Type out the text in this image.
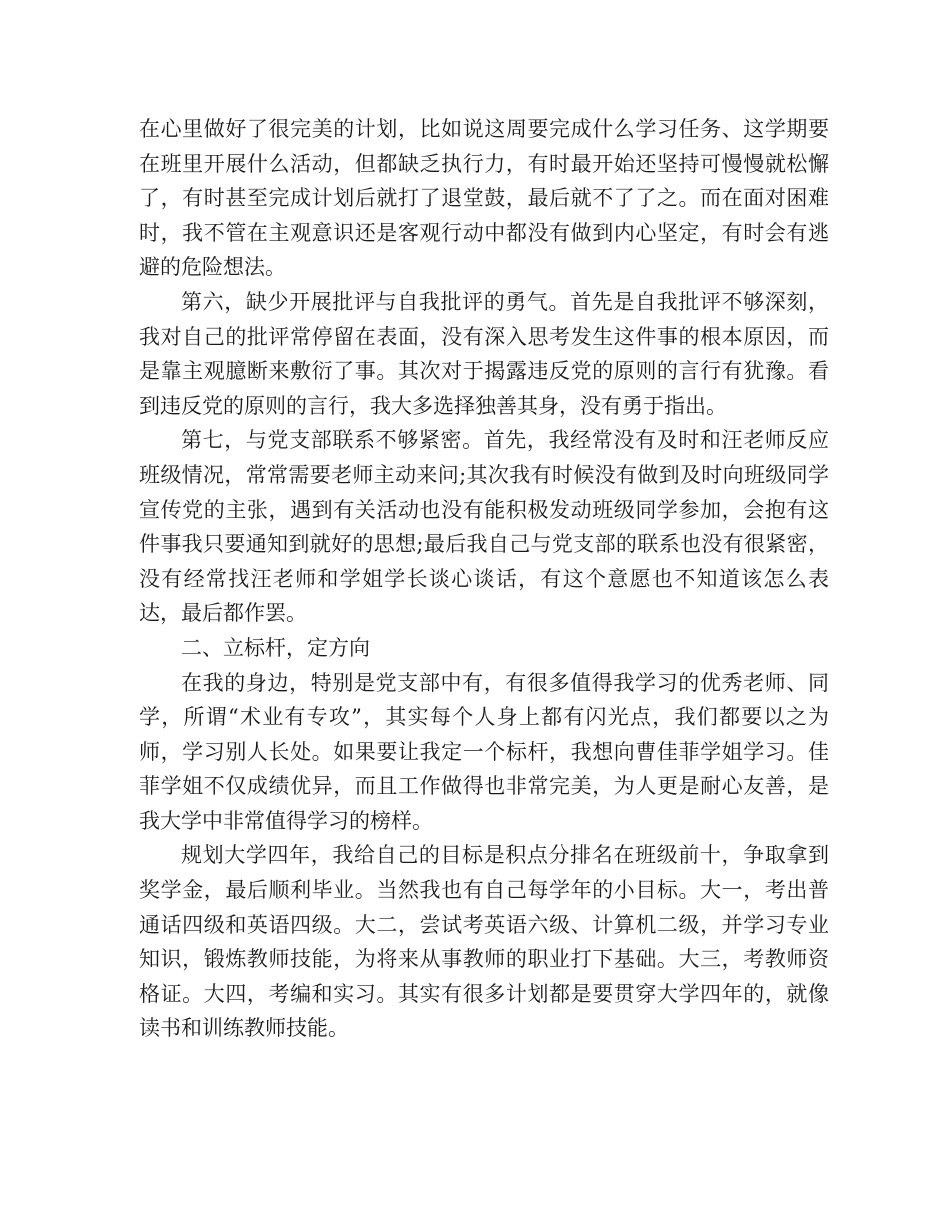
在心里做好了很完美的计划，比如说这周要完成什么学习任务、这学期要在班里开展什么活动，但都缺乏执行力，有时最开始还坚持可慢慢就松懈了，有时甚至完成计划后就打了退堂鼓，最后就不了了之。而在面对困难时，我不管在主观意识还是客观行动中都没有做到内心坚定，有时会有逃避的危险想法。

第六，缺少开展批评与自我批评的勇气。首先是自我批评不够深刻，我对自己的批评常停留在表面，没有深入思考发生这件事的根本原因，而是靠主观臆断来敷衍了事。其次对于揭露违反党的原则的言行有犹豫。看到违反党的原则的言行，我大多选择独善其身，没有勇于指出。

第七，与党支部联系不够紧密。首先，我经常没有及时和汪老师反应班级情况，常常需要老师主动来问;其次我有时候没有做到及时向班级同学宣传党的主张，遇到有关活动也没有能积极发动班级同学参加，会抱有这件事我只要通知到就好的思想;最后我自己与党支部的联系也没有很紧密，没有经常找汪老师和学姐学长谈心谈话，有这个意愿也不知道该怎么表达，最后都作罢。

二、立标杆，定方向

在我的身边，特别是党支部中有，有很多值得我学习的优秀老师、同学，所谓“术业有专攻”，其实每个人身上都有闪光点，我们都要以之为师，学习别人长处。如果要让我定一个标杆，我想向曹佳菲学姐学习。佳菲学姐不仅成绩优异，而且工作做得也非常完美，为人更是耐心友善，是我大学中非常值得学习的榜样。

规划大学四年，我给自己的目标是积点分排名在班级前十，争取拿到奖学金，最后顺利毕业。当然我也有自己每学年的小目标。大一，考出普通话四级和英语四级。大二，尝试考英语六级、计算机二级，并学习专业知识，锻炼教师技能，为将来从事教师的职业打下基础。大三，考教师资格证。大四，考编和实习。其实有很多计划都是要贯穿大学四年的，就像读书和训练教师技能。
